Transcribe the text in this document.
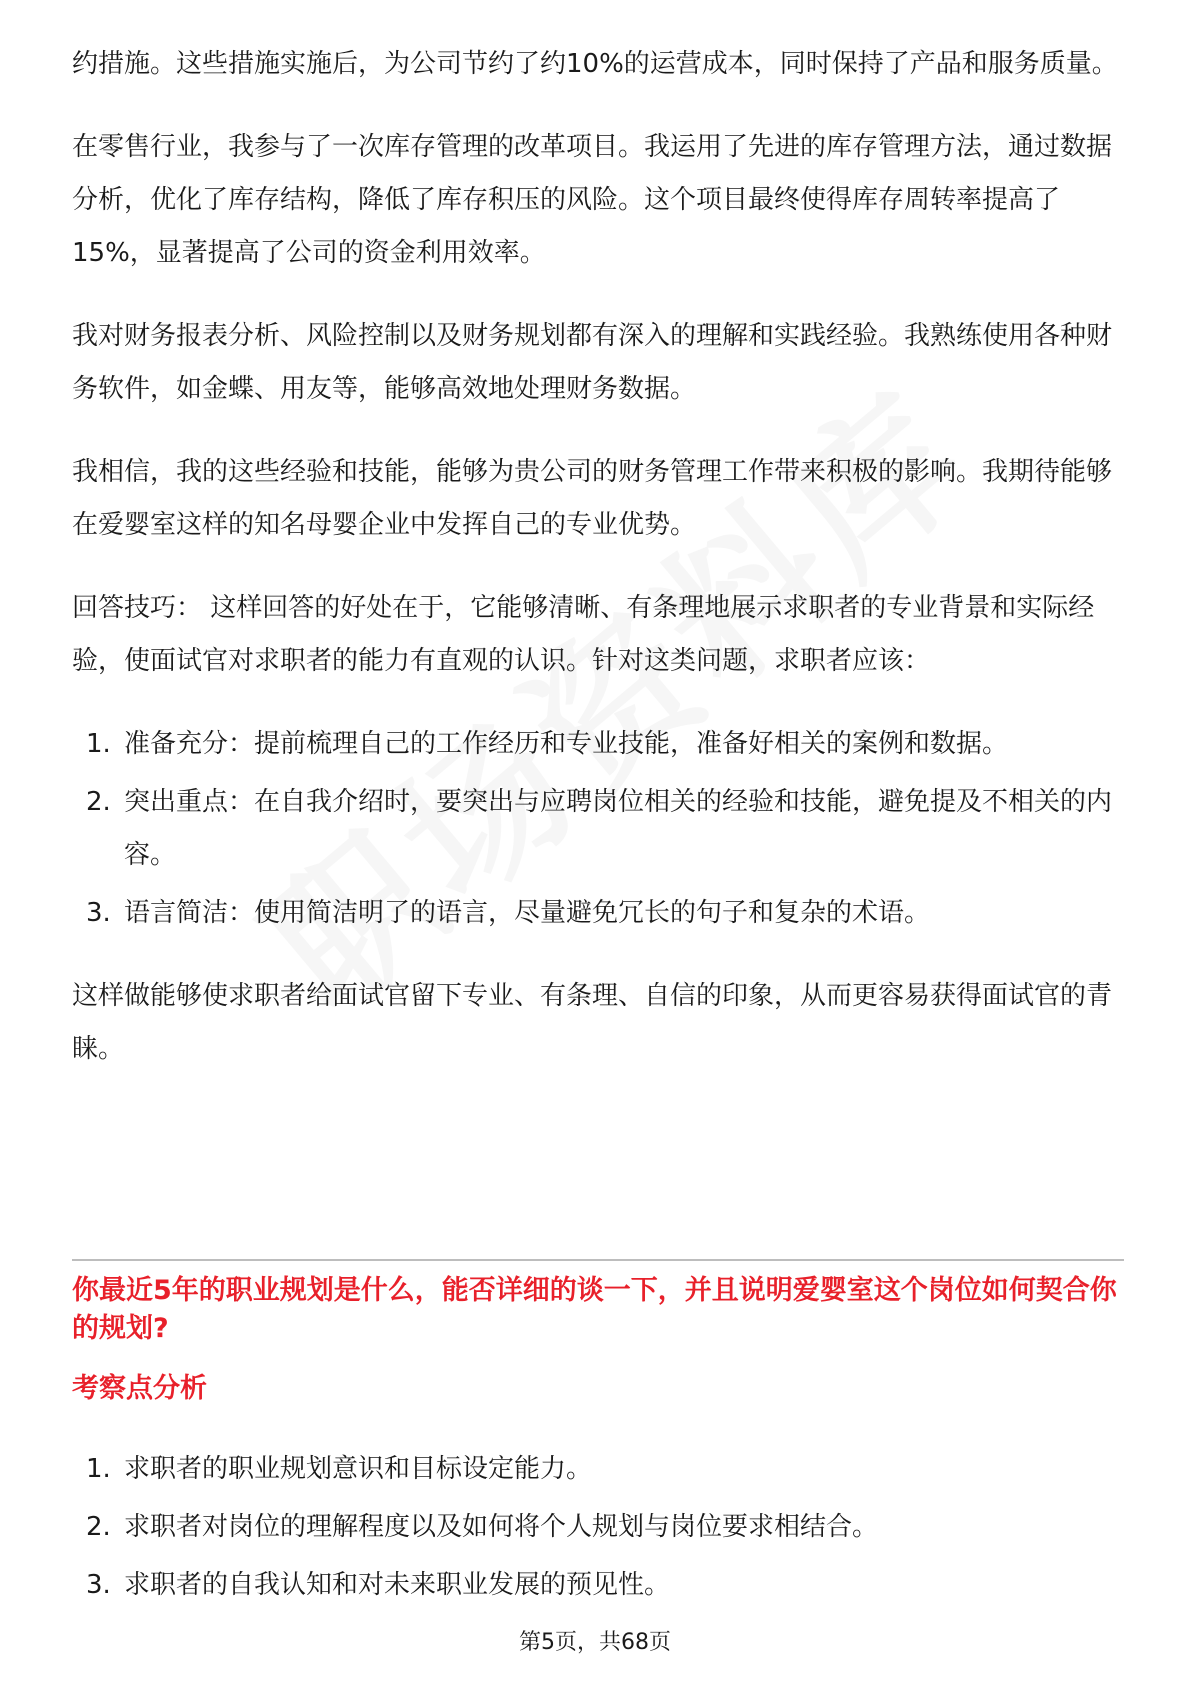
约措施。这些措施实施后，为公司节约了约10%的运营成本，同时保持了产品和服务质量。

在零售行业，我参与了一次库存管理的改革项目。我运用了先进的库存管理方法，通过数据分析，优化了库存结构，降低了库存积压的风险。这个项目最终使得库存周转率提高了15%，显著提高了公司的资金利用效率。

我对财务报表分析、风险控制以及财务规划都有深入的理解和实践经验。我熟练使用各种财务软件，如金蝶、用友等，能够高效地处理财务数据。

我相信，我的这些经验和技能，能够为贵公司的财务管理工作带来积极的影响。我期待能够在爱婴室这样的知名母婴企业中发挥自己的专业优势。

回答技巧： 这样回答的好处在于，它能够清晰、有条理地展示求职者的专业背景和实际经验，使面试官对求职者的能力有直观的认识。针对这类问题，求职者应该：

1. 准备充分：提前梳理自己的工作经历和专业技能，准备好相关的案例和数据。
2. 突出重点：在自我介绍时，要突出与应聘岗位相关的经验和技能，避免提及不相关的内容。
3. 语言简洁：使用简洁明了的语言，尽量避免冗长的句子和复杂的术语。

这样做能够使求职者给面试官留下专业、有条理、自信的印象，从而更容易获得面试官的青睐。

你最近5年的职业规划是什么，能否详细的谈一下，并且说明爱婴室这个岗位如何契合你的规划?

考察点分析

1. 求职者的职业规划意识和目标设定能力。
2. 求职者对岗位的理解程度以及如何将个人规划与岗位要求相结合。
3. 求职者的自我认知和对未来职业发展的预见性。
第5页，共68页
